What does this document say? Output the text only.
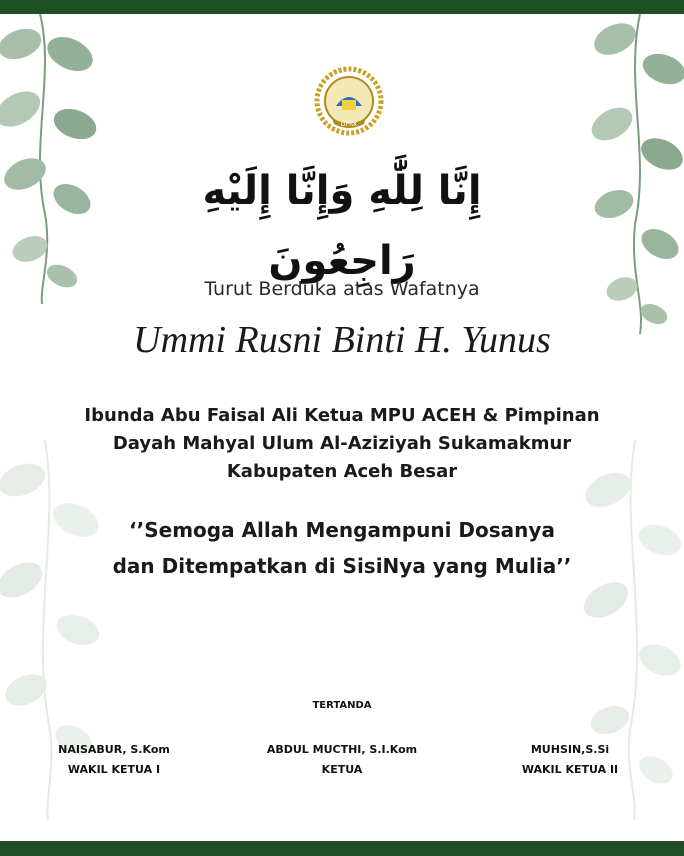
DPRK
إِنَّا لِلَّٰهِ وَإِنَّا إِلَيْهِ رَاجِعُونَ
Turut Berduka atas Wafatnya
Ummi Rusni Binti H. Yunus
Ibunda Abu Faisal Ali Ketua MPU ACEH & Pimpinan
Dayah Mahyal Ulum Al-Aziziyah Sukamakmur
Kabupaten Aceh Besar
‘’Semoga Allah Mengampuni Dosanya
dan Ditempatkan di SisiNya yang Mulia’’
TERTANDA
NAISABUR, S.Kom
WAKIL KETUA I
ABDUL MUCTHI, S.I.Kom
KETUA
MUHSIN,S.Si
WAKIL KETUA II
